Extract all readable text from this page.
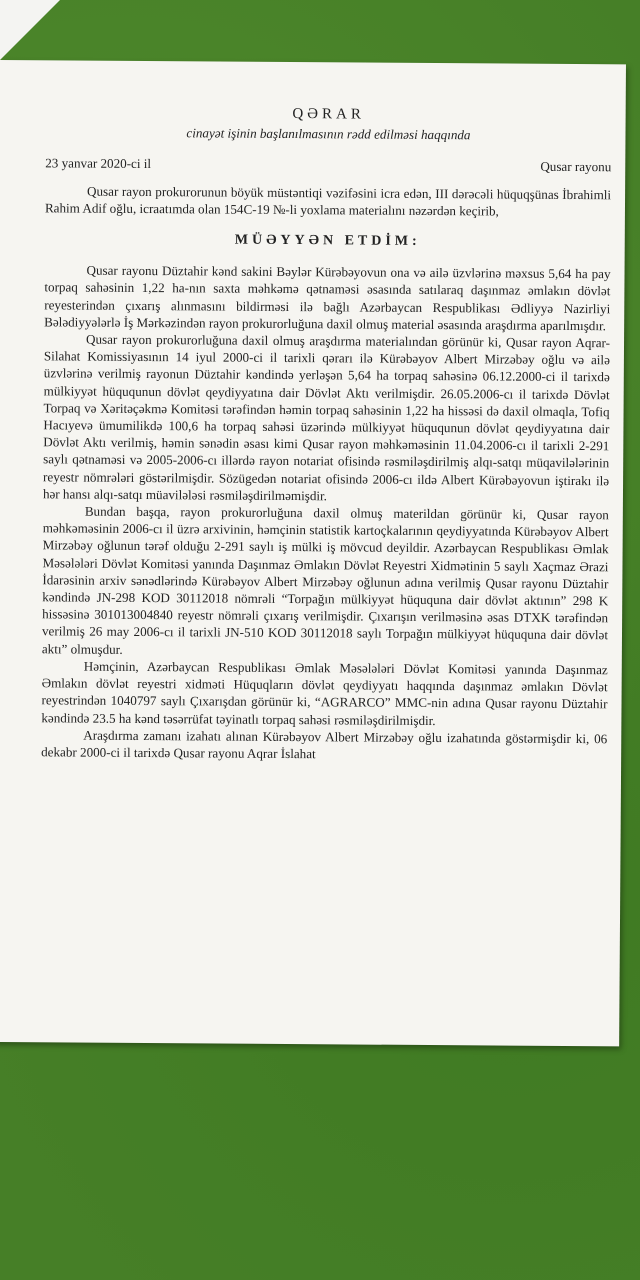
QƏRAR
cinayət işinin başlanılmasının rədd edilməsi haqqında
23 yanvar 2020-ci il	Qusar rayonu

Qusar rayon prokurorunun böyük müstəntiqi vəzifəsini icra edən, III dərəcəli hüquqşünas İbrahimli Rahim Adif oğlu, icraatımda olan 154C-19 №-li yoxlama materialını nəzərdən keçirib,

MÜƏYYƏN ETDİM:

Qusar rayonu Düztahir kənd sakini Bəylər Kürəbəyovun ona və ailə üzvlərinə məxsus 5,64 ha pay torpaq sahəsinin 1,22 ha-nın saxta məhkəmə qətnaməsi əsasında satılaraq daşınmaz əmlakın dövlət reyesterindən çıxarış alınmasını bildirməsi ilə bağlı Azərbaycan Respublikası Ədliyyə Nazirliyi Bələdiyyələrlə İş Mərkəzindən rayon prokurorluğuna daxil olmuş material əsasında araşdırma aparılmışdır.

Qusar rayon prokurorluğuna daxil olmuş araşdırma materialından görünür ki, Qusar rayon Aqrar-Silahat Komissiyasının 14 iyul 2000-ci il tarixli qərarı ilə Kürəbəyov Albert Mirzəbəy oğlu və ailə üzvlərinə verilmiş rayonun Düztahir kəndində yerləşən 5,64 ha torpaq sahəsinə 06.12.2000-ci il tarixdə mülkiyyət hüququnun dövlət qeydiyyatına dair Dövlət Aktı verilmişdir. 26.05.2006-cı il tarixdə Dövlət Torpaq və Xəritəçəkmə Komitəsi tərəfindən həmin torpaq sahəsinin 1,22 ha hissəsi də daxil olmaqla, Tofiq Hacıyevə ümumilikdə 100,6 ha torpaq sahəsi üzərində mülkiyyət hüququnun dövlət qeydiyyatına dair Dövlət Aktı verilmiş, həmin sənədin əsası kimi Qusar rayon məhkəməsinin 11.04.2006-cı il tarixli 2-291 saylı qətnaməsi və 2005-2006-cı illərdə rayon notariat ofisində rəsmiləşdirilmiş alqı-satqı müqavilələrinin reyestr nömrələri göstərilmişdir. Sözügedən notariat ofisində 2006-cı ildə Albert Kürəbəyovun iştirakı ilə hər hansı alqı-satqı müavilələsi rəsmiləşdirilməmişdir.

Bundan başqa, rayon prokurorluğuna daxil olmuş materildan görünür ki, Qusar rayon məhkəməsinin 2006-cı il üzrə arxivinin, həmçinin statistik kartoçkalarının qeydiyyatında Kürəbəyov Albert Mirzəbəy oğlunun tərəf olduğu 2-291 saylı iş mülki iş mövcud deyildir. Azərbaycan Respublikası Əmlak Məsələləri Dövlət Komitəsi yanında Daşınmaz Əmlakın Dövlət Reyestri Xidmətinin 5 saylı Xaçmaz Ərazi İdarəsinin arxiv sənədlərində Kürəbəyov Albert Mirzəbəy oğlunun adına verilmiş Qusar rayonu Düztahir kəndində JN-298 KOD 30112018 nömrəli “Torpağın mülkiyyət hüququna dair dövlət aktının” 298 K hissəsinə 301013004840 reyestr nömrəli çıxarış verilmişdir. Çıxarışın verilməsinə əsas DTXK tərəfindən verilmiş 26 may 2006-cı il tarixli JN-510 KOD 30112018 saylı Torpağın mülkiyyət hüququna dair dövlət aktı” olmuşdur.

Həmçinin, Azərbaycan Respublikası Əmlak Məsələləri Dövlət Komitəsi yanında Daşınmaz Əmlakın dövlət reyestri xidməti Hüquqların dövlət qeydiyyatı haqqında daşınmaz əmlakın Dövlət reyestrindən 1040797 saylı Çıxarışdan görünür ki, “AGRARCO” MMC-nin adına Qusar rayonu Düztahir kəndində 23.5 ha kənd təsərrüfat təyinatlı torpaq sahəsi rəsmiləşdirilmişdir.

Araşdırma zamanı izahatı alınan Kürəbəyov Albert Mirzəbəy oğlu izahatında göstərmişdir ki, 06 dekabr 2000-ci il tarixdə Qusar rayonu Aqrar İslahat
